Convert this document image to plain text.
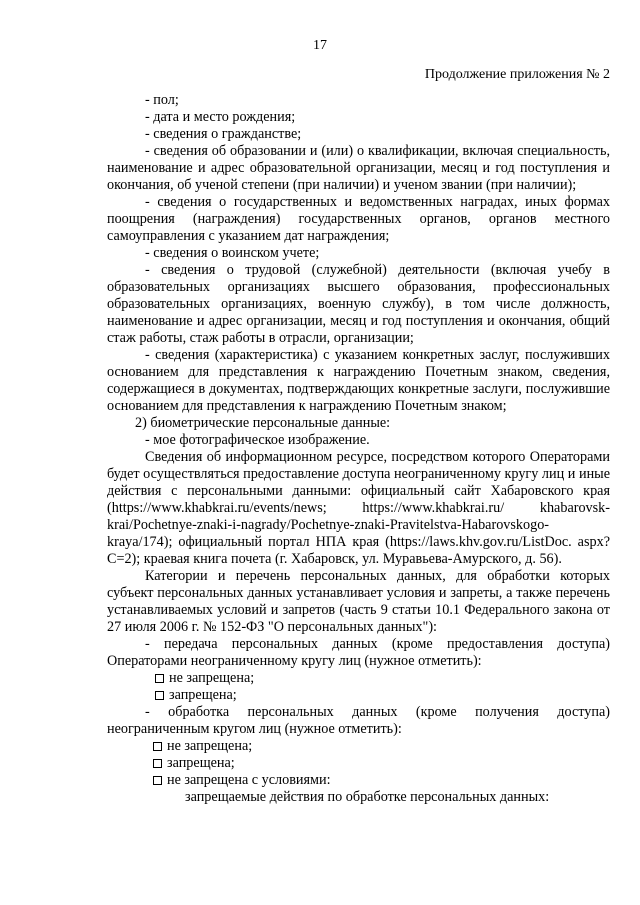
17
Продолжение приложения № 2

- пол;

- дата и место рождения;

- сведения о гражданстве;

- сведения об образовании и (или) о квалификации, включая специальность, наименование и адрес образовательной организации, месяц и год поступления и окончания, об ученой степени (при наличии) и ученом звании (при наличии);

- сведения о государственных и ведомственных наградах, иных формах поощрения (награждения) государственных органов, органов местного самоуправления с указанием дат награждения;

- сведения о воинском учете;

- сведения о трудовой (служебной) деятельности (включая учебу в образовательных организациях высшего образования, профессиональных образовательных организациях, военную службу), в том числе должность, наименование и адрес организации, месяц и год поступления и окончания, общий стаж работы, стаж работы в отрасли, организации;

- сведения (характеристика) с указанием конкретных заслуг, послуживших основанием для представления к награждению Почетным знаком, сведения, содержащиеся в документах, подтверждающих конкретные заслуги, послужившие основанием для представления к награждению Почетным знаком;

2) биометрические персональные данные:

- мое фотографическое изображение.

Сведения об информационном ресурсе, посредством которого Операторами будет осуществляться предоставление доступа неограниченному кругу лиц и иные действия с персональными данными: официальный сайт Хабаровского края (https://www.khabkrai.ru/events/news; https://www.khabkrai.ru/ khabarovsk-krai/Pochetnye-znaki-i-nagrady/Pochetnye-znaki-Pravitelstva-Habarovskogo-kraya/174); официальный портал НПА края (https://laws.khv.gov.ru/ListDoc. aspx?C=2); краевая книга почета (г. Хабаровск, ул. Муравьева-Амурского, д. 56).

Категории и перечень персональных данных, для обработки которых субъект персональных данных устанавливает условия и запреты, а также перечень устанавливаемых условий и запретов (часть 9 статьи 10.1 Федерального закона от 27 июля 2006 г. № 152-ФЗ "О персональных данных"):

- передача персональных данных (кроме предоставления доступа) Операторами неограниченному кругу лиц (нужное отметить):

не запрещена;
запрещена;

- обработка персональных данных (кроме получения доступа) неограниченным кругом лиц (нужное отметить):

не запрещена;
запрещена;
не запрещена с условиями:

запрещаемые действия по обработке персональных данных:
